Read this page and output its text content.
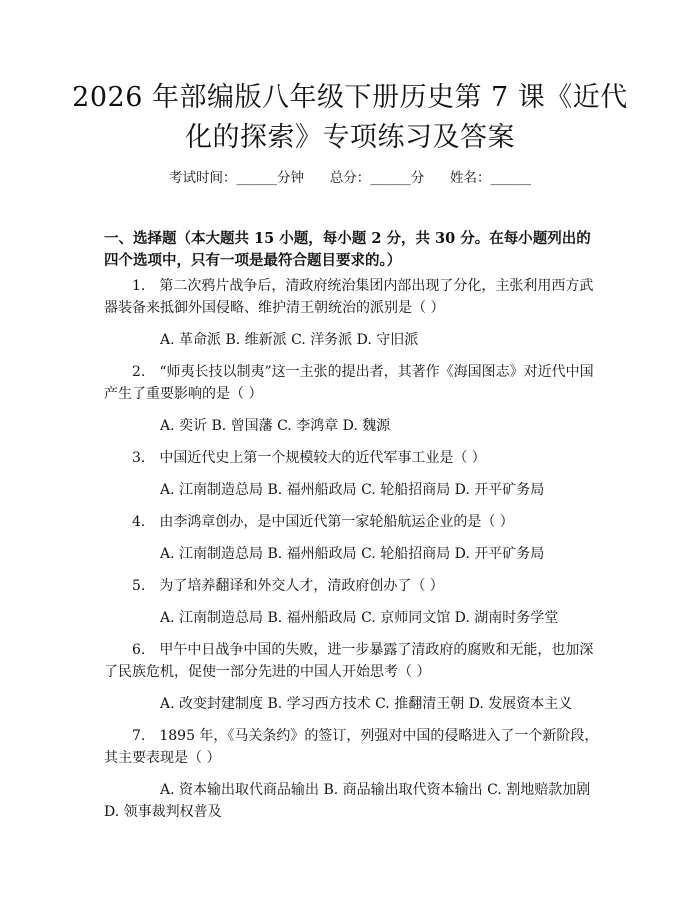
2026 年部编版八年级下册历史第 7 课《近代
化的探索》专项练习及答案
考试时间：______分钟      总分：______分      姓名：______
一、选择题（本大题共 15 小题，每小题 2 分，共 30 分。在每小题列出的四个选项中，只有一项是最符合题目要求的。）

1.　第二次鸦片战争后，清政府统治集团内部出现了分化，主张利用西方武器装备来抵御外国侵略、维护清王朝统治的派别是（ ）

A. 革命派 B. 维新派 C. 洋务派 D. 守旧派

2.　“师夷长技以制夷”这一主张的提出者，其著作《海国图志》对近代中国产生了重要影响的是（ ）

A. 奕䜣 B. 曾国藩 C. 李鸿章 D. 魏源

3.　中国近代史上第一个规模较大的近代军事工业是（ ）

A. 江南制造总局 B. 福州船政局 C. 轮船招商局 D. 开平矿务局

4.　由李鸿章创办，是中国近代第一家轮船航运企业的是（ ）

A. 江南制造总局 B. 福州船政局 C. 轮船招商局 D. 开平矿务局

5.　为了培养翻译和外交人才，清政府创办了（ ）

A. 江南制造总局 B. 福州船政局 C. 京师同文馆 D. 湖南时务学堂

6.　甲午中日战争中国的失败，进一步暴露了清政府的腐败和无能，也加深了民族危机，促使一部分先进的中国人开始思考（ ）

A. 改变封建制度 B. 学习西方技术 C. 推翻清王朝 D. 发展资本主义

7.　1895 年，《马关条约》的签订，列强对中国的侵略进入了一个新阶段，其主要表现是（ ）

A. 资本输出取代商品输出 B. 商品输出取代资本输出 C. 割地赔款加剧 D. 领事裁判权普及
